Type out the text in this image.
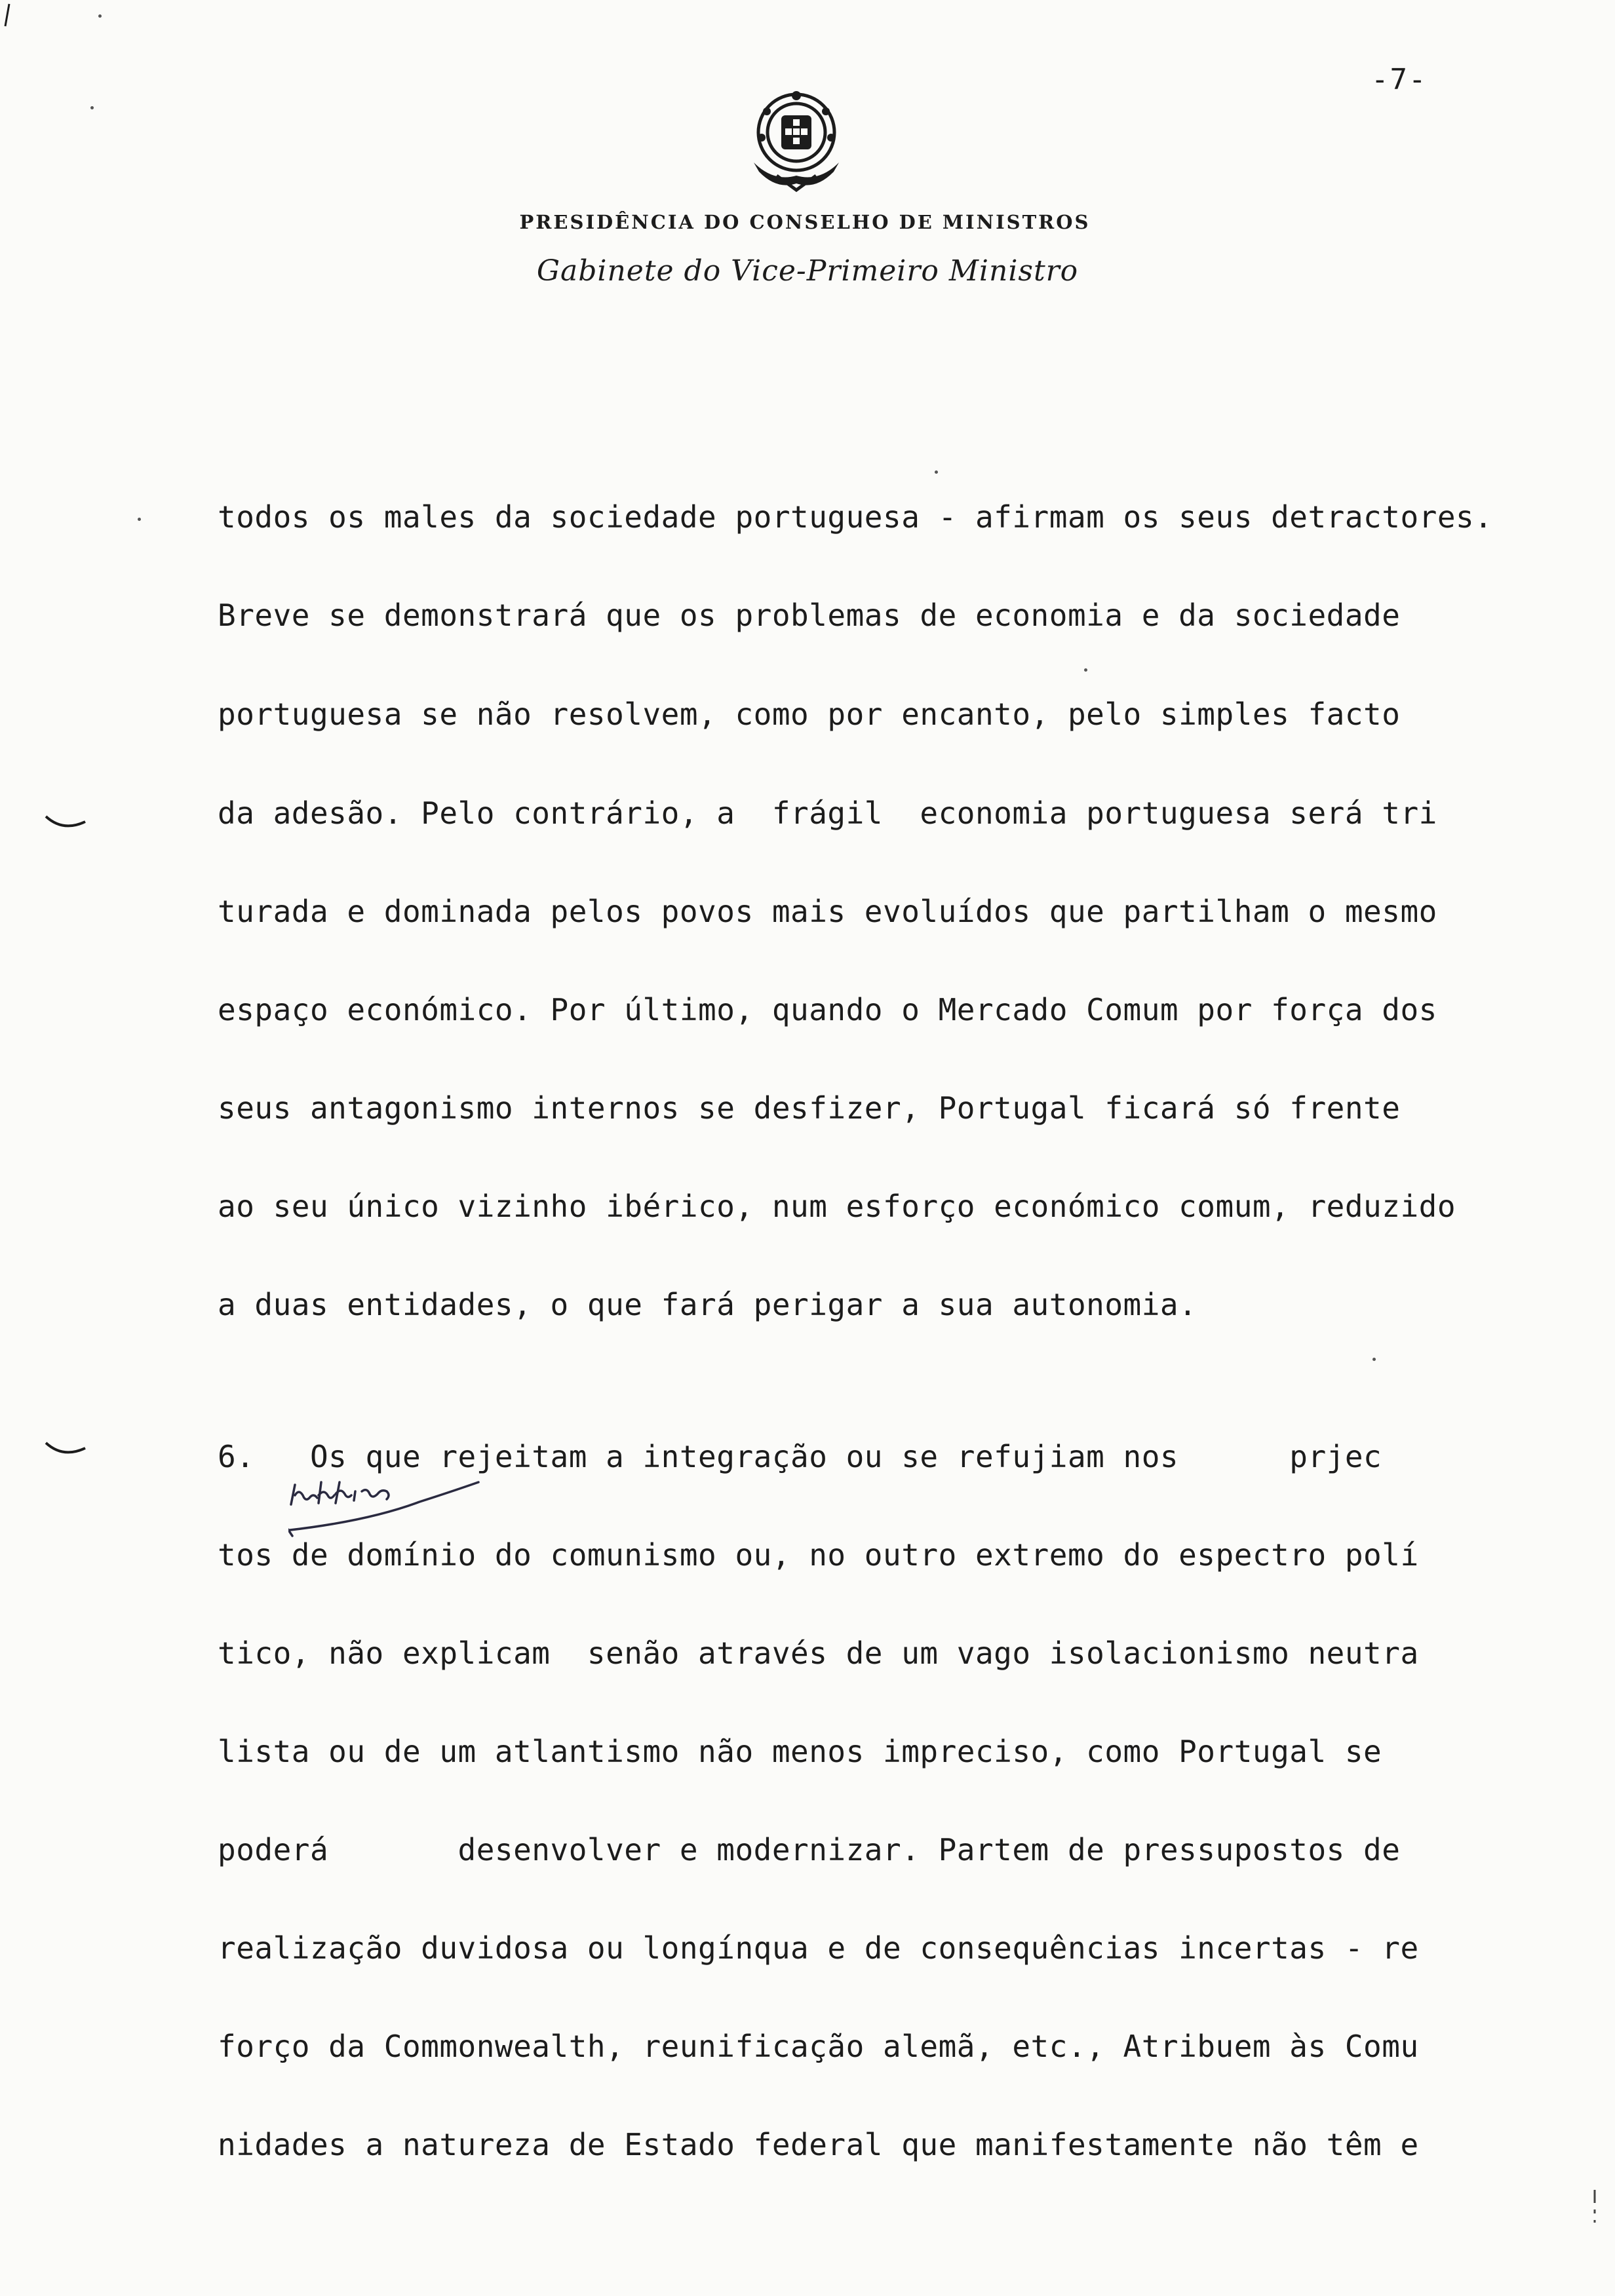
-7-
PRESIDÊNCIA DO CONSELHO DE MINISTROS
Gabinete do Vice-Primeiro Ministro
todos os males da sociedade portuguesa - afirmam os seus detractores.
Breve se demonstrará que os problemas de economia e da sociedade
portuguesa se não resolvem, como por encanto, pelo simples facto
da adesão. Pelo contrário, a  frágil  economia portuguesa será tri
turada e dominada pelos povos mais evoluídos que partilham o mesmo
espaço económico. Por último, quando o Mercado Comum por força dos
seus antagonismo internos se desfizer, Portugal ficará só frente
ao seu único vizinho ibérico, num esforço económico comum, reduzido
a duas entidades, o que fará perigar a sua autonomia.
6.   Os que rejeitam a integração ou se refujiam nos      prjec
tos de domínio do comunismo ou, no outro extremo do espectro polí
tico, não explicam  senão através de um vago isolacionismo neutra
lista ou de um atlantismo não menos impreciso, como Portugal se
poderá       desenvolver e modernizar. Partem de pressupostos de
realização duvidosa ou longínqua e de consequências incertas - re
forço da Commonwealth, reunificação alemã, etc., Atribuem às Comu
nidades a natureza de Estado federal que manifestamente não têm e
